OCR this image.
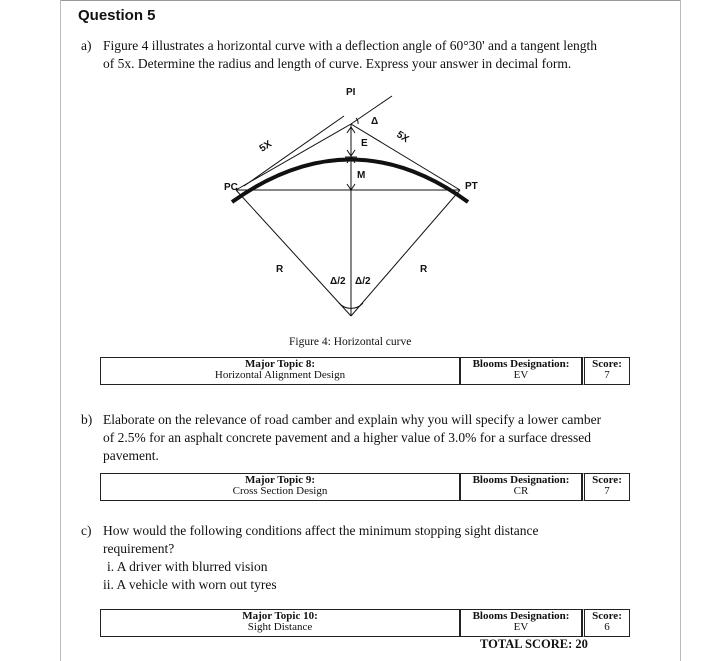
Question 5
a) Figure 4 illustrates a horizontal curve with a deflection angle of 60°30' and a tangent length
of 5x. Determine the radius and length of curve. Express your answer in decimal form.
PI
Δ
E
M
PC	PT
5X
5X
R	R
Δ/2 Δ/2
Figure 4: Horizontal curve
Major Topic 8:
Horizontal Alignment Design

Blooms Designation:
EV

Score:
7
b) Elaborate on the relevance of road camber and explain why you will specify a lower camber
of 2.5% for an asphalt concrete pavement and a higher value of 3.0% for a surface dressed
pavement.
Major Topic 9:
Cross Section Design

Blooms Designation:
CR

Score:
7
c) How would the following conditions affect the minimum stopping sight distance
requirement?
i. A driver with blurred vision
ii. A vehicle with worn out tyres
Major Topic 10:
Sight Distance

Blooms Designation:
EV

Score:
6
TOTAL SCORE: 20
